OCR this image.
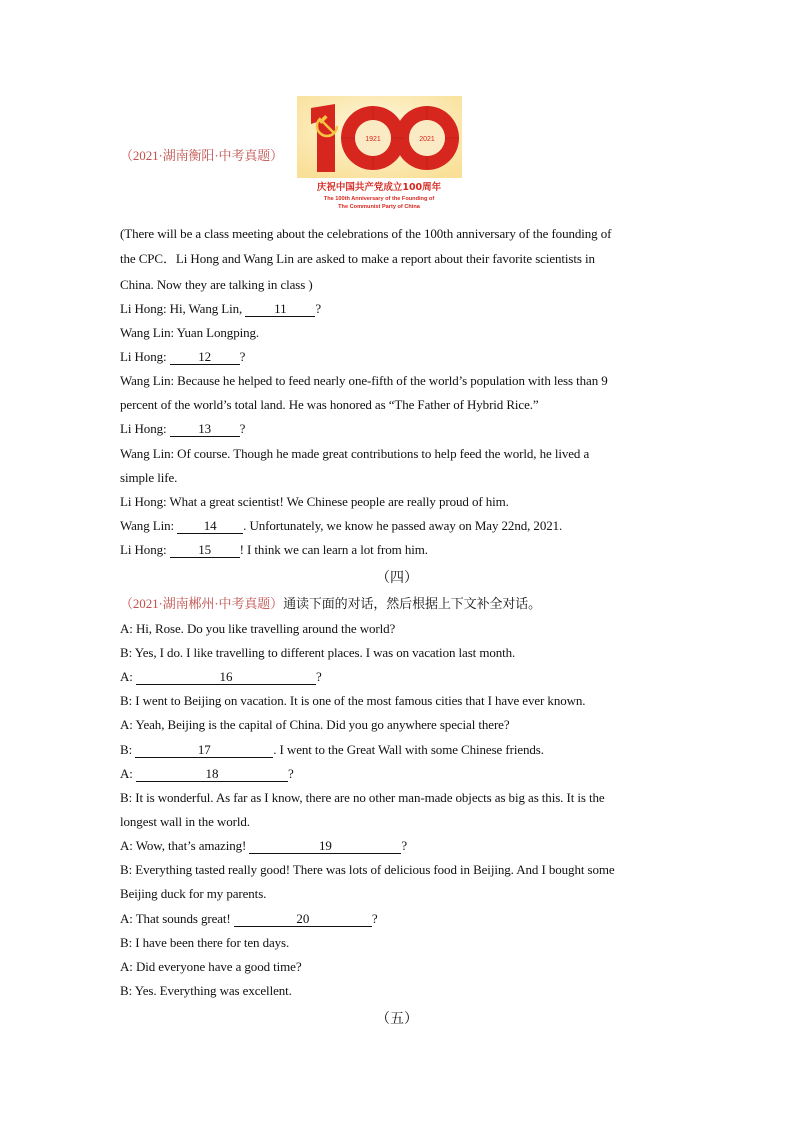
（2021·湖南衡阳·中考真题）
1921	2021
庆祝中国共产党成立100周年
The 100th Anniversary of the Founding of
The Communist Party of China
(There will be a class meeting about the celebrations of the 100th anniversary of the founding of
the CPC．Li Hong and Wang Lin are asked to make a report about their favorite scientists in
China. Now they are talking in class )
Li Hong: Hi, Wang Lin, 11 ?
Wang Lin: Yuan Longping.
Li Hong: 12 ?
Wang Lin: Because he helped to feed nearly one-fifth of the world’s population with less than 9
percent of the world’s total land. He was honored as “The Father of Hybrid Rice.”
Li Hong: 13 ?
Wang Lin: Of course. Though he made great contributions to help feed the world, he lived a
simple life.
Li Hong: What a great scientist! We Chinese people are really proud of him.
Wang Lin: 14 . Unfortunately, we know he passed away on May 22nd, 2021.
Li Hong: 15 ! I think we can learn a lot from him.
（四）
（2021·湖南郴州·中考真题）通读下面的对话，然后根据上下文补全对话。
A: Hi, Rose. Do you like travelling around the world?
B: Yes, I do. I like travelling to different places. I was on vacation last month.
A:	16	?
B: I went to Beijing on vacation. It is one of the most famous cities that I have ever known.
A: Yeah, Beijing is the capital of China. Did you go anywhere special there?
B:	17	. I went to the Great Wall with some Chinese friends.
A:	18	?
B: It is wonderful. As far as I know, there are no other man-made objects as big as this. It is the
longest wall in the world.
A: Wow, that’s amazing!	19	?
B: Everything tasted really good! There was lots of delicious food in Beijing. And I bought some
Beijing duck for my parents.
A: That sounds great!	20	?
B: I have been there for ten days.
A: Did everyone have a good time?
B: Yes. Everything was excellent.
（五）
